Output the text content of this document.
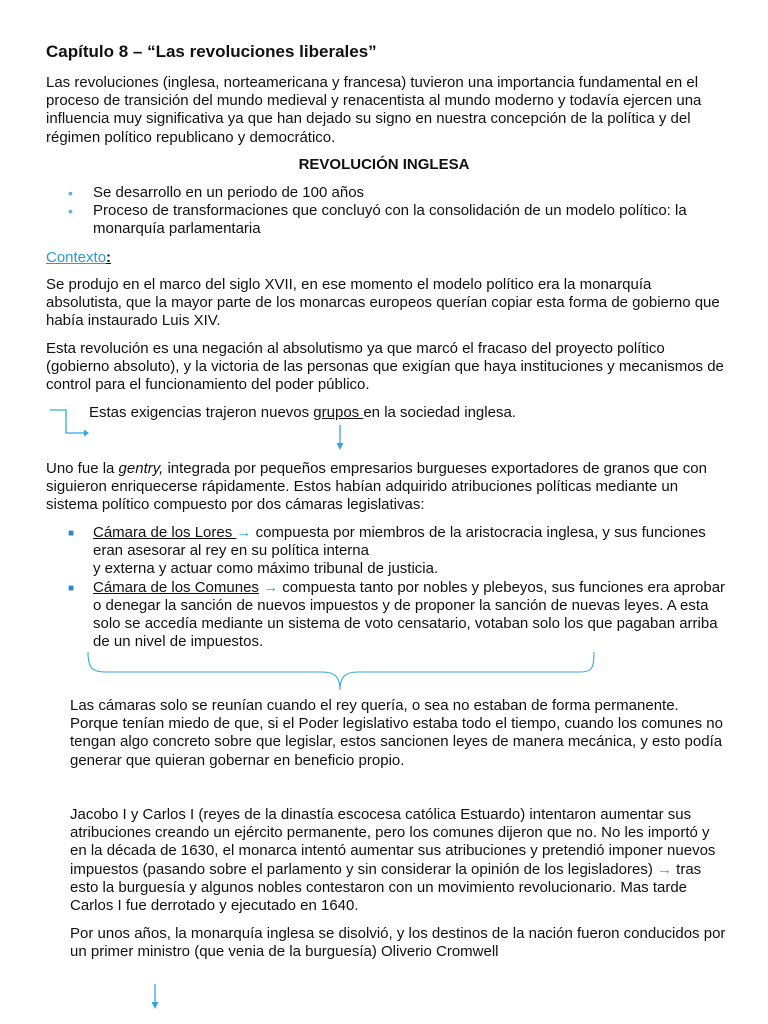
Capítulo 8 – “Las revoluciones liberales”

Las revoluciones (inglesa, norteamericana y francesa) tuvieron una importancia fundamental en el proceso de transición del mundo medieval y renacentista al mundo moderno y todavía ejercen una influencia muy significativa ya que han dejado su signo en nuestra concepción de la política y del régimen político republicano y democrático.

REVOLUCIÓN INGLESA
• Se desarrollo en un periodo de 100 años
• Proceso de transformaciones que concluyó con la consolidación de un modelo político: la monarquía parlamentaria
Contexto:

Se produjo en el marco del siglo XVII, en ese momento el modelo político era la monarquía absolutista, que la mayor parte de los monarcas europeos querían copiar esta forma de gobierno que había instaurado Luis XIV.

Esta revolución es una negación al absolutismo ya que marcó el fracaso del proyecto político (gobierno absoluto), y la victoria de las personas que exigían que haya instituciones y mecanismos de control para el funcionamiento del poder público.

Estas exigencias trajeron nuevos grupos en la sociedad inglesa.

Uno fue la gentry, integrada por pequeños empresarios burgueses exportadores de granos que con siguieron enriquecerse rápidamente. Estos habían adquirido atribuciones políticas mediante un sistema político compuesto por dos cámaras legislativas:

■ Cámara de los Lores → compuesta por miembros de la aristocracia inglesa, y sus funciones eran asesorar al rey en su política interna
y externa y actuar como máximo tribunal de justicia.
■ Cámara de los Comunes → compuesta tanto por nobles y plebeyos, sus funciones era aprobar o denegar la sanción de nuevos impuestos y de proponer la sanción de nuevas leyes. A esta solo se accedía mediante un sistema de voto censatario, votaban solo los que pagaban arriba de un nivel de impuestos.

Las cámaras solo se reunían cuando el rey quería, o sea no estaban de forma permanente. Porque tenían miedo de que, si el Poder legislativo estaba todo el tiempo, cuando los comunes no tengan algo concreto sobre que legislar, estos sancionen leyes de manera mecánica, y esto podía generar que quieran gobernar en beneficio propio.

Jacobo I y Carlos I (reyes de la dinastía escocesa católica Estuardo) intentaron aumentar sus atribuciones creando un ejército permanente, pero los comunes dijeron que no. No les importó y en la década de 1630, el monarca intentó aumentar sus atribuciones y pretendió imponer nuevos impuestos (pasando sobre el parlamento y sin considerar la opinión de los legisladores) → tras esto la burguesía y algunos nobles contestaron con un movimiento revolucionario. Mas tarde Carlos I fue derrotado y ejecutado en 1640.

Por unos años, la monarquía inglesa se disolvió, y los destinos de la nación fueron conducidos por un primer ministro (que venia de la burguesía) Oliverio Cromwell
